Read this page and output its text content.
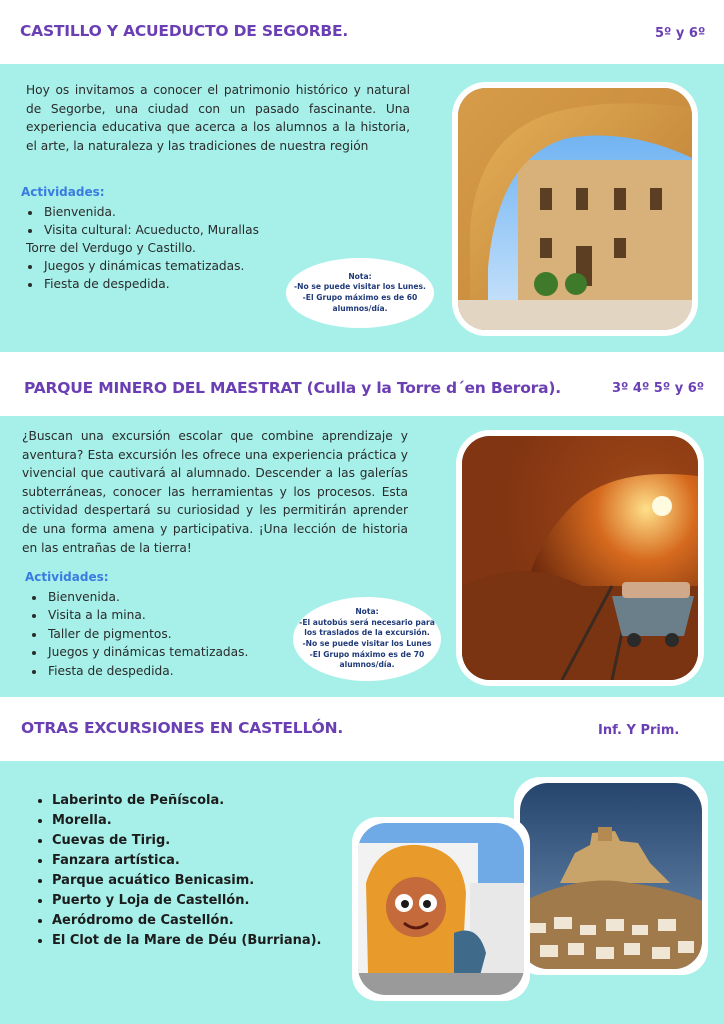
CASTILLO Y ACUEDUCTO DE SEGORBE.	5º y 6º

Hoy os invitamos a conocer el patrimonio histórico y natural de Segorbe, una ciudad con un pasado fascinante. Una experiencia educativa que acerca a los alumnos a la historia, el arte, la naturaleza y las tradiciones de nuestra región

Actividades:
• Bienvenida.
• Visita cultural: Acueducto, Murallas
Torre del Verdugo y Castillo.
• Juegos y dinámicas tematizadas.
• Fiesta de despedida.
Nota:
-No se puede visitar los Lunes.
-El Grupo máximo es de 60
alumnos/día.
PARQUE MINERO DEL MAESTRAT (Culla y la Torre d´en Berora).	3º 4º 5º y 6º

¿Buscan una excursión escolar que combine aprendizaje y aventura? Esta excursión les ofrece una experiencia práctica y vivencial que cautivará al alumnado. Descender a las galerías subterráneas, conocer las herramientas y los procesos. Esta actividad despertará su curiosidad y les permitirán aprender de una forma amena y participativa. ¡Una lección de historia en las entrañas de la tierra!

Actividades:
• Bienvenida.
• Visita a la mina.
• Taller de pigmentos.
• Juegos y dinámicas tematizadas.
• Fiesta de despedida.
Nota:
-El autobús será necesario para
los traslados de la excursión.
-No se puede visitar los Lunes
-El Grupo máximo es de 70
alumnos/día.
OTRAS EXCURSIONES EN CASTELLÓN.	Inf. Y Prim.
• Laberinto de Peñíscola.
• Morella.
• Cuevas de Tirig.
• Fanzara artística.
• Parque acuático Benicasim.
• Puerto y Loja de Castellón.
• Aeródromo de Castellón.
• El Clot de la Mare de Déu (Burriana).
